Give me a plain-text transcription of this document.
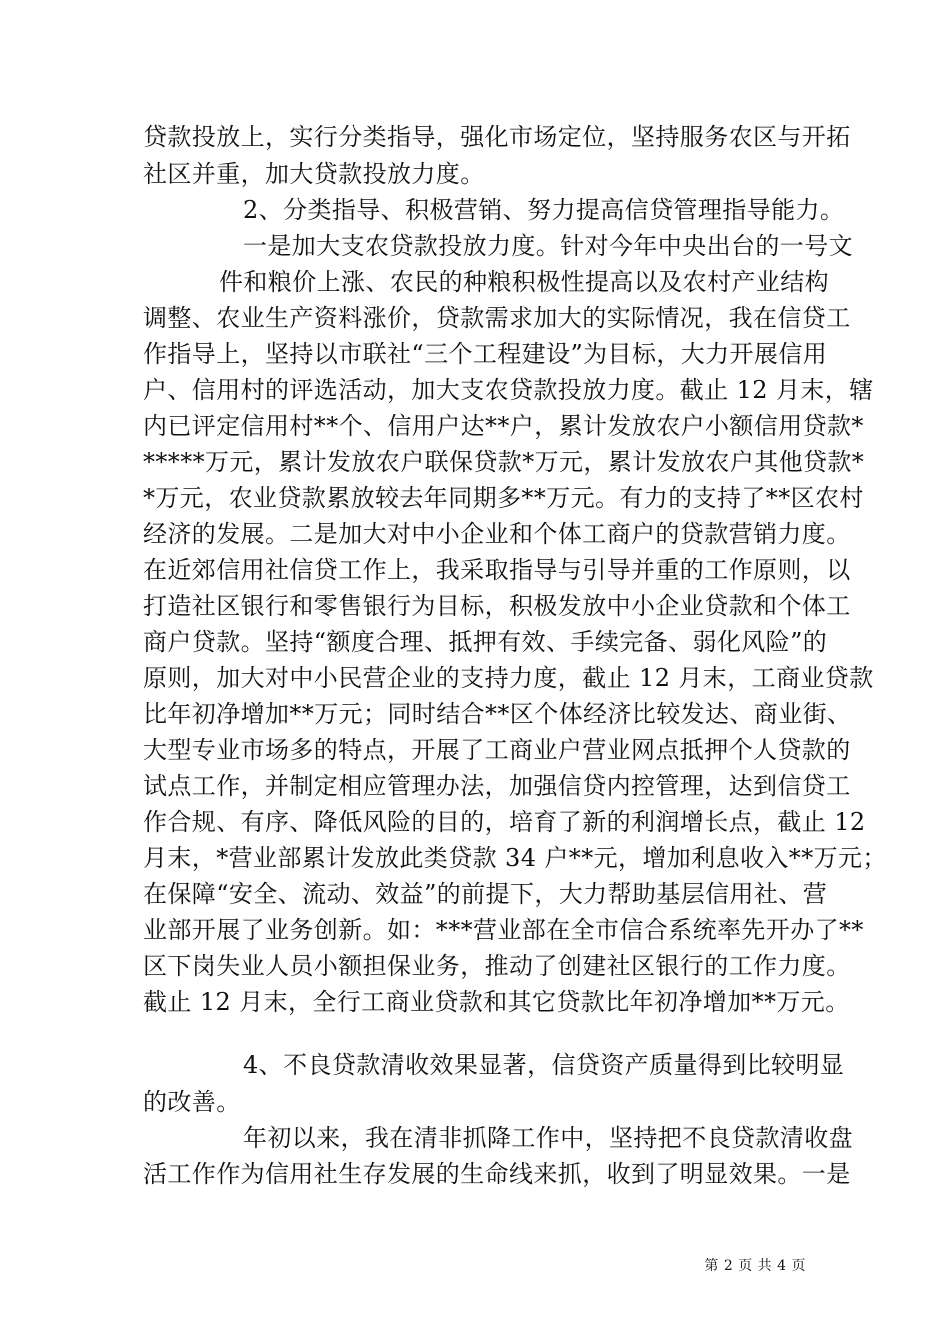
贷款投放上，实行分类指导，强化市场定位，坚持服务农区与开拓
社区并重，加大贷款投放力度。
2、分类指导、积极营销、努力提高信贷管理指导能力。
一是加大支农贷款投放力度。针对今年中央出台的一号文
件和粮价上涨、农民的种粮积极性提高以及农村产业结构
调整、农业生产资料涨价，贷款需求加大的实际情况，我在信贷工
作指导上，坚持以市联社“三个工程建设”为目标，大力开展信用
户、信用村的评选活动，加大支农贷款投放力度。截止 12 月末，辖
内已评定信用村**个、信用户达**户，累计发放农户小额信用贷款*
*****万元，累计发放农户联保贷款*万元，累计发放农户其他贷款*
*万元，农业贷款累放较去年同期多**万元。有力的支持了**区农村
经济的发展。二是加大对中小企业和个体工商户的贷款营销力度。
在近郊信用社信贷工作上，我采取指导与引导并重的工作原则，以
打造社区银行和零售银行为目标，积极发放中小企业贷款和个体工
商户贷款。坚持“额度合理、抵押有效、手续完备、弱化风险”的
原则，加大对中小民营企业的支持力度，截止 12 月末，工商业贷款
比年初净增加**万元；同时结合**区个体经济比较发达、商业街、
大型专业市场多的特点，开展了工商业户营业网点抵押个人贷款的
试点工作，并制定相应管理办法，加强信贷内控管理，达到信贷工
作合规、有序、降低风险的目的，培育了新的利润增长点，截止 12
月末，*营业部累计发放此类贷款 34 户**元，增加利息收入**万元；
在保障“安全、流动、效益”的前提下，大力帮助基层信用社、营
业部开展了业务创新。如：***营业部在全市信合系统率先开办了**
区下岗失业人员小额担保业务，推动了创建社区银行的工作力度。
截止 12 月末，全行工商业贷款和其它贷款比年初净增加**万元。
4、不良贷款清收效果显著，信贷资产质量得到比较明显
的改善。
年初以来，我在清非抓降工作中，坚持把不良贷款清收盘
活工作作为信用社生存发展的生命线来抓，收到了明显效果。一是
第 2 页 共 4 页
